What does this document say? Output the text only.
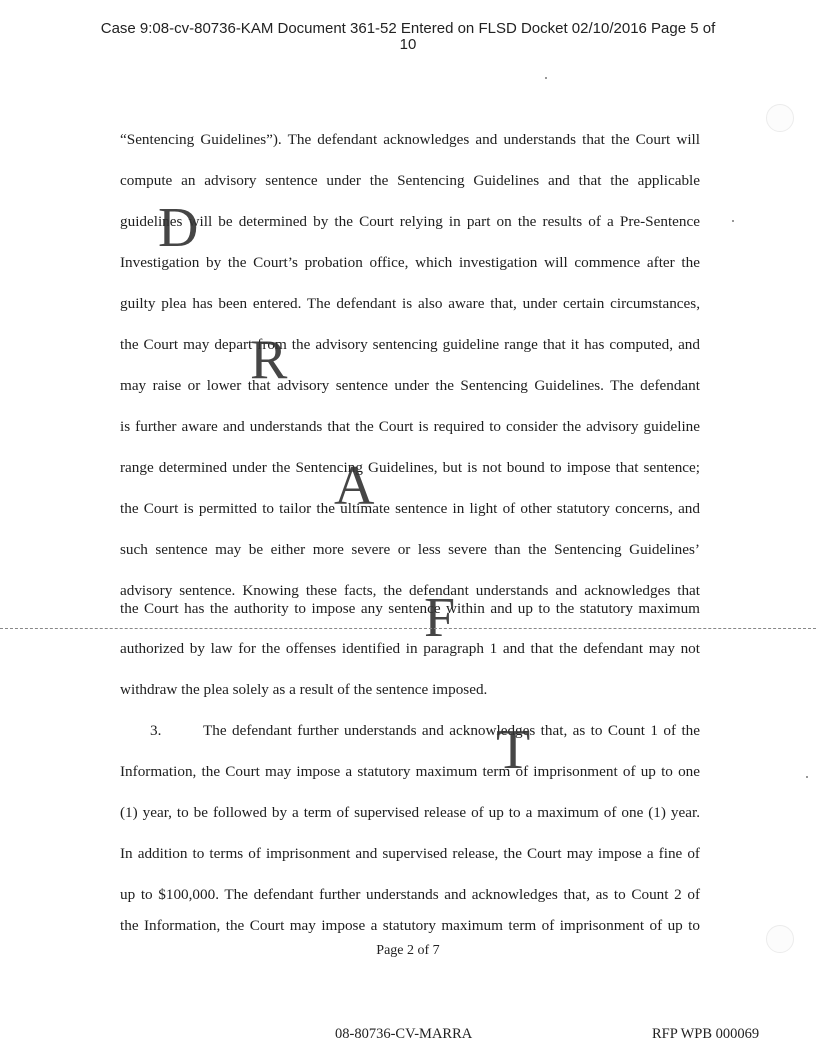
Case 9:08-cv-80736-KAM Document 361-52 Entered on FLSD Docket 02/10/2016 Page 5 of
10
“Sentencing Guidelines”). The defendant acknowledges and understands that the Court will
compute an advisory sentence under the Sentencing Guidelines and that the applicable
guidelines will be determined by the Court relying in part on the results of a Pre-Sentence
Investigation by the Court’s probation office, which investigation will commence after the
guilty plea has been entered. The defendant is also aware that, under certain circumstances,
the Court may depart from the advisory sentencing guideline range that it has computed, and
may raise or lower that advisory sentence under the Sentencing Guidelines. The defendant
is further aware and understands that the Court is required to consider the advisory guideline
range determined under the Sentencing Guidelines, but is not bound to impose that sentence;
the Court is permitted to tailor the ultimate sentence in light of other statutory concerns, and
such sentence may be either more severe or less severe than the Sentencing Guidelines’
advisory sentence. Knowing these facts, the defendant understands and acknowledges that
the Court has the authority to impose any sentence within and up to the statutory maximum
authorized by law for the offenses identified in paragraph 1 and that the defendant may not
withdraw the plea solely as a result of the sentence imposed.
3.	The defendant further understands and acknowledges that, as to Count 1 of the
Information, the Court may impose a statutory maximum term of imprisonment of up to one
(1) year, to be followed by a term of supervised release of up to a maximum of one (1) year.
In addition to terms of imprisonment and supervised release, the Court may impose a fine of
up to $100,000. The defendant further understands and acknowledges that, as to Count 2 of
the Information, the Court may impose a statutory maximum term of imprisonment of up to
D
R
A
F
T
Page 2 of 7
08-80736-CV-MARRA	RFP WPB 000069
